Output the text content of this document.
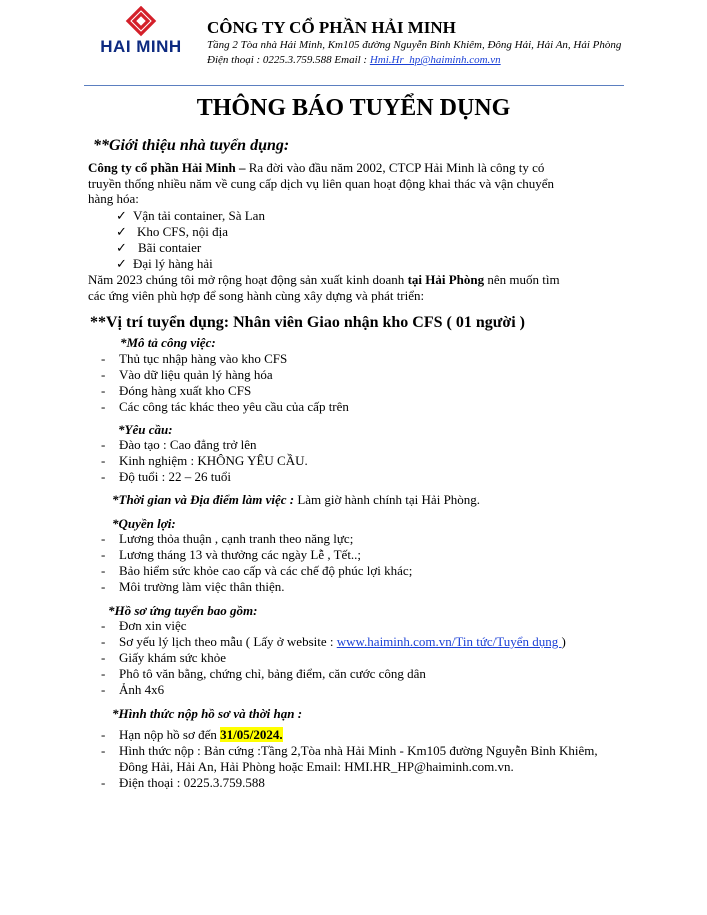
HAI MINH
CÔNG TY CỔ PHẦN HẢI MINH
Tầng 2 Tòa nhà Hải Minh, Km105 đường Nguyễn Bỉnh Khiêm, Đông Hải, Hải An, Hải Phòng
Điện thoại : 0225.3.759.588 Email : Hmi.Hr_hp@haiminh.com.vn
THÔNG BÁO TUYỂN DỤNG
**Giới thiệu nhà tuyển dụng:
Công ty cổ phần Hải Minh – Ra đời vào đầu năm 2002, CTCP Hải Minh là công ty có
truyền thống nhiều năm về cung cấp dịch vụ liên quan hoạt động khai thác và vận chuyển
hàng hóa:
✓ Vận tải container, Sà Lan
✓ Kho CFS, nội địa
✓ Bãi contaier
✓ Đại lý hàng hải
Năm 2023 chúng tôi mở rộng hoạt động sản xuất kinh doanh tại Hải Phòng nên muốn tìm
các ứng viên phù hợp để song hành cùng xây dựng và phát triển:
**Vị trí tuyển dụng: Nhân viên Giao nhận kho CFS ( 01 người )
*Mô tả công việc:
- Thủ tục nhập hàng vào kho CFS
- Vào dữ liệu quản lý hàng hóa
- Đóng hàng xuất kho CFS
- Các công tác khác theo yêu cầu của cấp trên
*Yêu cầu:
- Đào tạo : Cao đẳng trở lên
- Kinh nghiệm : KHÔNG YÊU CẦU.
- Độ tuổi : 22 – 26 tuổi
*Thời gian và Địa điểm làm việc : Làm giờ hành chính tại Hải Phòng.
*Quyền lợi:
- Lương thỏa thuận , cạnh tranh theo năng lực;
- Lương tháng 13 và thưởng các ngày Lễ , Tết..;
- Bảo hiểm sức khỏe cao cấp và các chế độ phúc lợi khác;
- Môi trường làm việc thân thiện.
*Hồ sơ ứng tuyển bao gồm:
- Đơn xin việc
- Sơ yếu lý lịch theo mẫu ( Lấy ở website : www.haiminh.com.vn/Tin tức/Tuyển dụng )
- Giấy khám sức khỏe
- Phô tô văn bằng, chứng chỉ, bảng điểm, căn cước công dân
- Ảnh 4x6
*Hình thức nộp hồ sơ và thời hạn :
- Hạn nộp hồ sơ đến 31/05/2024.
- Hình thức nộp : Bản cứng :Tầng 2,Tòa nhà Hải Minh - Km105 đường Nguyễn Bỉnh Khiêm,
Đông Hải, Hải An, Hải Phòng hoặc Email: HMI.HR_HP@haiminh.com.vn.
- Điện thoại : 0225.3.759.588
